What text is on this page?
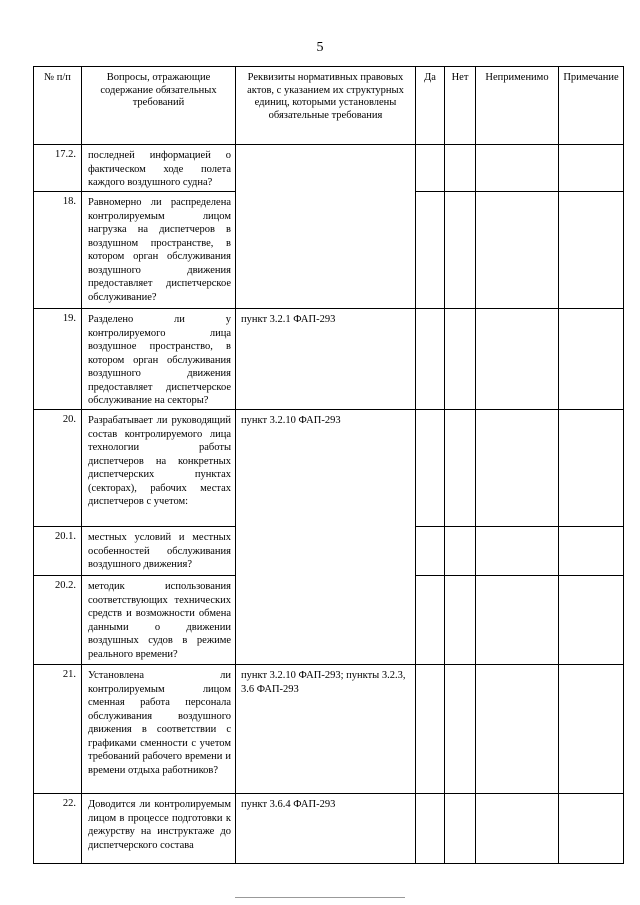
5
№ п/п	Вопросы, отражающие содержание обязательных требований	Реквизиты нормативных правовых актов, с указанием их структурных единиц, которыми установлены обязательные требования	Да	Нет	Неприменимо	Примечание
17.2.	последней информацией о фактическом ходе полета каждого воздушного судна?					
18.	Равномерно ли распределена контролируемым лицом нагрузка на диспетчеров в воздушном пространстве, в котором орган обслуживания воздушного движения предоставляет диспетчерское обслуживание?					
19.	Разделено ли у контролируемого лица воздушное пространство, в котором орган обслуживания воздушного движения предоставляет диспетчерское обслуживание на секторы?	пункт 3.2.1 ФАП-293				
20.	Разрабатывает ли руководящий состав контролируемого лица технологии работы диспетчеров на конкретных диспетчерских пунктах (секторах), рабочих местах диспетчеров с учетом:	пункт 3.2.10 ФАП-293				
20.1.	местных условий и местных особенностей обслуживания воздушного движения?					
20.2.	методик использования соответствующих технических средств и возможности обмена данными о движении воздушных судов в режиме реального времени?					
21.	Установлена ли контролируемым лицом сменная работа персонала обслуживания воздушного движения в соответствии с графиками сменности с учетом требований рабочего времени и времени отдыха работников?	пункт 3.2.10 ФАП-293; пункты 3.2.3, 3.6 ФАП-293				
22.	Доводится ли контролируемым лицом в процессе подготовки к дежурству на инструктаже до диспетчерского состава	пункт 3.6.4 ФАП-293				
